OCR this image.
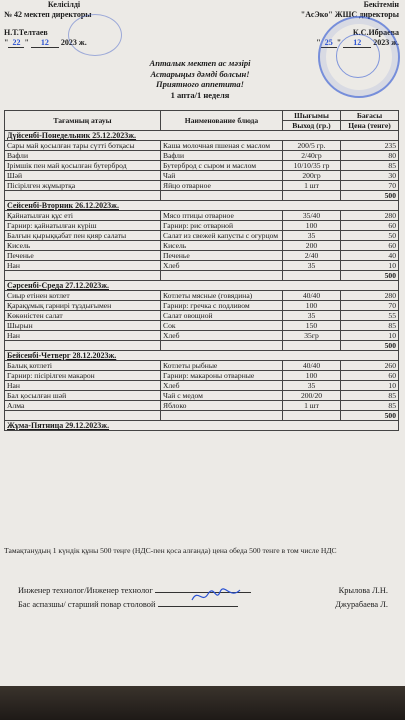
Келісілді
№ 42 мектеп директоры
Н.Т.Телтаев
" 22 " 12 2023 ж.
Бекітемін
"АсЭко" ЖШС директоры
К.С.Ибраева
" 25 " 12 2023 ж.
Апталык мектеп ас мәзірі
Астарыңыз дәмді болсын!
Приятного аппетита!
1 апта/1 неделя
Тағамның атауы	Наименование блюда	Шығымы	Бағасы
		Выход (гр.)	Цена (тенге)
Дүйсенбі-Понедельник 25.12.2023ж.			
Сары май қосылған тары сүтті ботқасы	Каша молочная пшеная с маслом	200/5 гр.	235
Вафли	Вафли	2/40гр	80
Ірімшік пен май қосылған бутерброд	Бутерброд с сыром и маслом	10/10/35 гр	85
Шәй	Чай	200гр	30
Пісірілген жұмыртқа	Яйцо отварное	1 шт	70
			500
Сейсенбі-Вторник 26.12.2023ж.			
Қайнатылған құс еті	Мясо птицы отварное	35/40	280
Гарнир: қайнатылған күріш	Гарнир: рис отварной	100	60
Балғын қырыққабат пен қияр салаты	Салат из свежей капусты с огурцом	35	50
Кисель	Кисель	200	60
Печенье	Печенье	2/40	40
Нан	Хлеб	35	10
			500
Сәрсенбі-Среда 27.12.2023ж.			
Сиыр етінен котлет	Котлеты мясные (говядина)	40/40	280
Қарақұмық гарнирі тұздығымен	Гарнир: гречка с подливом	100	70
Көкөністен салат	Салат овощной	35	55
Шырын	Сок	150	85
Нан	Хлеб	35гр	10
			500
Бейсенбі-Четверг 28.12.2023ж.			
Балық котлеті	Котлеты рыбные	40/40	260
Гарнир: пісірілген макарон	Гарнир: макароны отварные	100	60
Нан	Хлеб	35	10
Бал қосылған шәй	Чай с медом	200/20	85
Алма	Яблоко	1 шт	85
			500
Жұма-Пятница 29.12.2023ж.			
Тамақтанудың 1 күндік құны 500 теңге (НДС-пен қоса алғанда) цена обеда 500 тенге в том числе НДС
Инженер технолог/Инженер технолог	Крылова Л.Н.
Бас аспазшы/ старший повар столовой	Джурабаева Л.
